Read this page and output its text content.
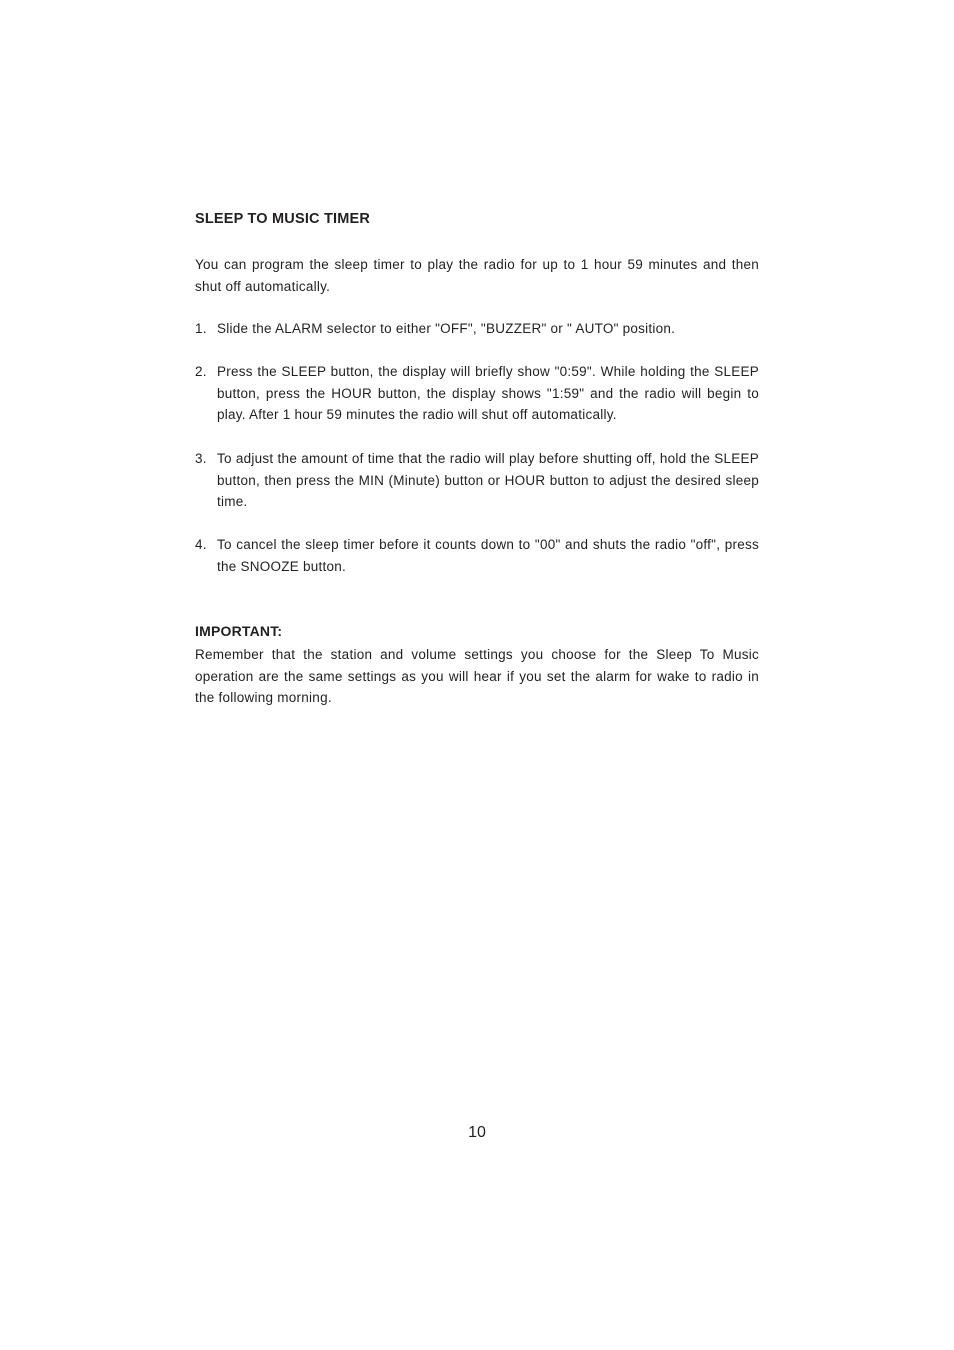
SLEEP TO MUSIC TIMER

You can program the sleep timer to play the radio for up to 1 hour 59 minutes and then shut off automatically.

1. Slide the ALARM selector to either "OFF", "BUZZER" or " AUTO" position.
2. Press the SLEEP button, the display will briefly show "0:59". While holding the SLEEP button, press the HOUR button, the display shows "1:59" and the radio will begin to play. After 1 hour 59 minutes the radio will shut off automatically.
3. To adjust the amount of time that the radio will play before shutting off, hold the SLEEP button, then press the MIN (Minute) button or HOUR button to adjust the desired sleep time.
4. To cancel the sleep timer before it counts down to "00" and shuts the radio "off", press the SNOOZE button.
IMPORTANT:

Remember that the station and volume settings you choose for the Sleep To Music operation are the same settings as you will hear if you set the alarm for wake to radio in the following morning.

10
